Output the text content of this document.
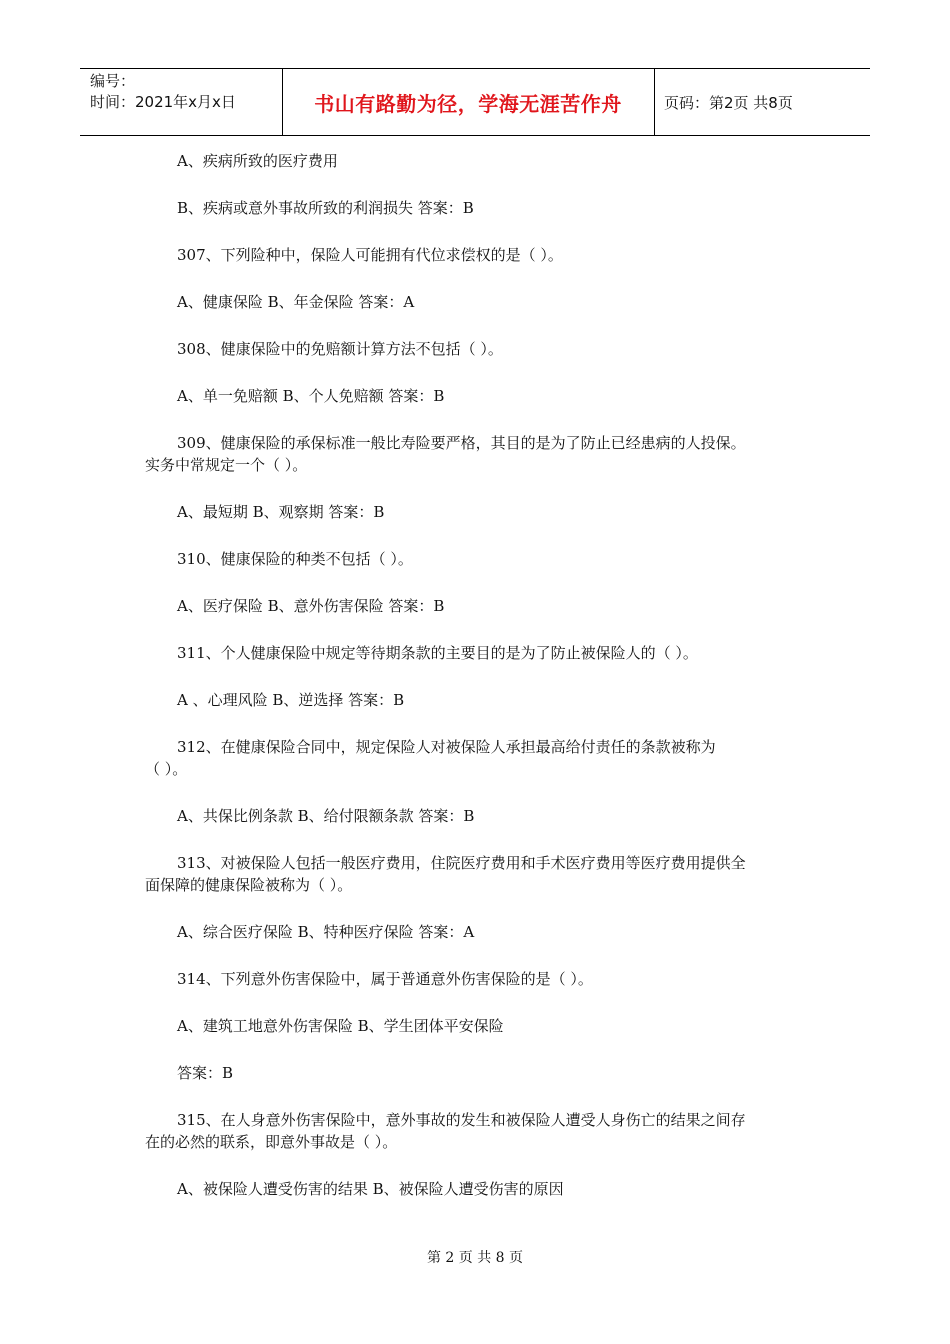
编号：
时间：2021年x月x日	书山有路勤为径，学海无涯苦作舟	页码：第2页 共8页
A、疾病所致的医疗费用
B、疾病或意外事故所致的利润损失 答案：B
307、下列险种中，保险人可能拥有代位求偿权的是（ ）。
A、健康保险 B、年金保险 答案：A
308、健康保险中的免赔额计算方法不包括（ ）。
A、单一免赔额 B、个人免赔额 答案：B
309、健康保险的承保标准一般比寿险要严格，其目的是为了防止已经患病的人投保。
实务中常规定一个（ ）。
A、最短期 B、观察期 答案：B
310、健康保险的种类不包括（ ）。
A、医疗保险 B、意外伤害保险 答案：B
311、个人健康保险中规定等待期条款的主要目的是为了防止被保险人的（ ）。
A 、心理风险 B、逆选择 答案：B
312、在健康保险合同中，规定保险人对被保险人承担最高给付责任的条款被称为
（ ）。
A、共保比例条款 B、给付限额条款 答案：B
313、对被保险人包括一般医疗费用，住院医疗费用和手术医疗费用等医疗费用提供全
面保障的健康保险被称为（ ）。
A、综合医疗保险 B、特种医疗保险 答案：A
314、下列意外伤害保险中，属于普通意外伤害保险的是（ ）。
A、建筑工地意外伤害保险 B、学生团体平安保险
答案：B
315、在人身意外伤害保险中，意外事故的发生和被保险人遭受人身伤亡的结果之间存
在的必然的联系，即意外事故是（ ）。
A、被保险人遭受伤害的结果 B、被保险人遭受伤害的原因
第 2 页 共 8 页
